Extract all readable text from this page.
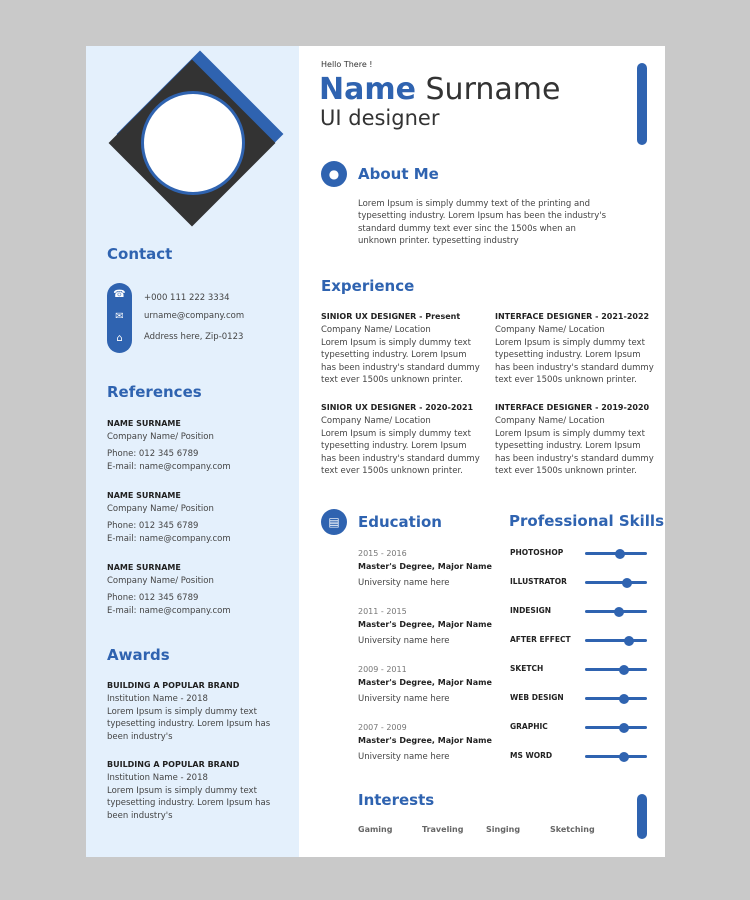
Contact
☎
✉
⌂
+000 111 222 3334
urname@company.com
Address here, Zip-0123
References
NAME SURNAME
Company Name/ Position
Phone: 012 345 6789
E-mail: name@company.com
NAME SURNAME
Company Name/ Position
Phone: 012 345 6789
E-mail: name@company.com
NAME SURNAME
Company Name/ Position
Phone: 012 345 6789
E-mail: name@company.com
Awards
BUILDING A POPULAR BRAND
Institution Name - 2018
Lorem Ipsum is simply dummy text typesetting industry. Lorem Ipsum has been industry's
BUILDING A POPULAR BRAND
Institution Name - 2018
Lorem Ipsum is simply dummy text typesetting industry. Lorem Ipsum has been industry's
Hello There !
Name Surname
UI designer
●	About Me
Lorem Ipsum is simply dummy text of the printing and typesetting industry. Lorem Ipsum has been the industry's standard dummy text ever sinc the 1500s when an unknown printer. typesetting industry
Experience
SINIOR UX DESIGNER - Present
Company Name/ Location
Lorem Ipsum is simply dummy text typesetting industry. Lorem Ipsum has been industry's standard dummy text ever 1500s unknown printer.
INTERFACE DESIGNER - 2021-2022
Company Name/ Location
Lorem Ipsum is simply dummy text typesetting industry. Lorem Ipsum has been industry's standard dummy text ever 1500s unknown printer.
SINIOR UX DESIGNER - 2020-2021
Company Name/ Location
Lorem Ipsum is simply dummy text typesetting industry. Lorem Ipsum has been industry's standard dummy text ever 1500s unknown printer.
INTERFACE DESIGNER - 2019-2020
Company Name/ Location
Lorem Ipsum is simply dummy text typesetting industry. Lorem Ipsum has been industry's standard dummy text ever 1500s unknown printer.
▤	Education
2015 - 2016
Master's Degree, Major Name
University name here
2011 - 2015
Master's Degree, Major Name
University name here
2009 - 2011
Master's Degree, Major Name
University name here
2007 - 2009
Master's Degree, Major Name
University name here
Professional Skills
PHOTOSHOP
ILLUSTRATOR
INDESIGN
AFTER EFFECT
SKETCH
WEB DESIGN
GRAPHIC
MS WORD
Interests
Gaming	Traveling	Singing	Sketching
